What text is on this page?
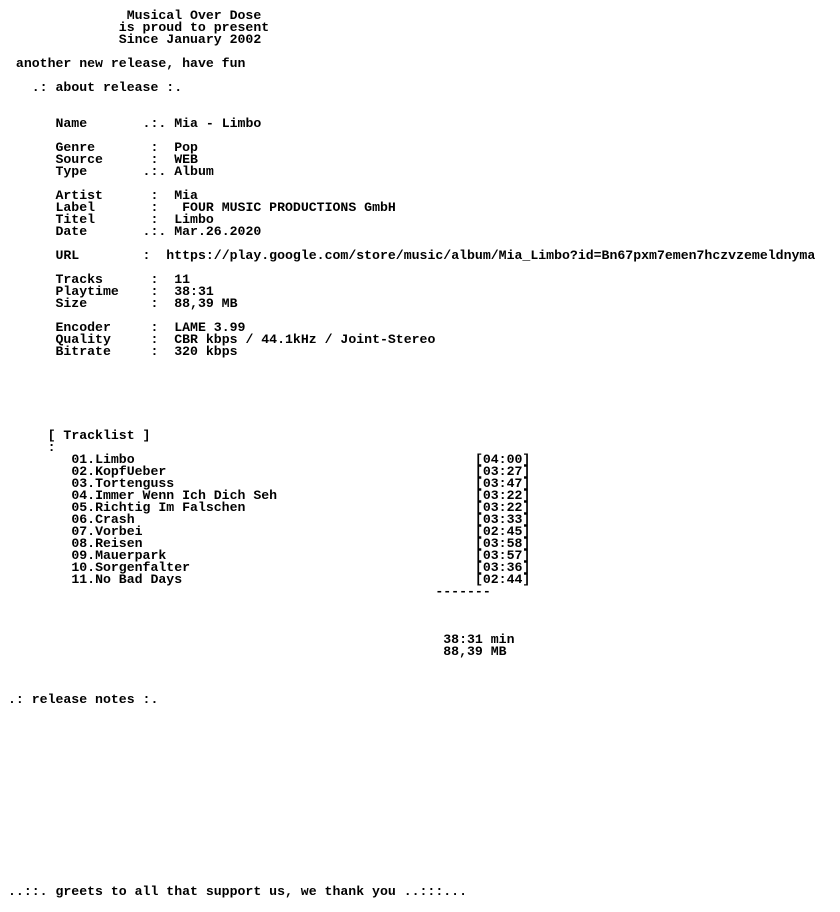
Musical Over Dose
is proud to present
Since January 2002

another new release, have fun

.: about release :.

Name	.:. Mia - Limbo

Genre	: Pop
Source	: WEB
Type	.:. Album

Artist	: Mia
Label	:   FOUR MUSIC PRODUCTIONS GmbH
Titel	: Limbo
Date	.:. Mar.26.2020

URL	: https://play.google.com/store/music/album/Mia_Limbo?id=Bn67pxm7emen7hczvzemeldnyma

Tracks	: 11
Playtime : 38:31
Size	: 88,39 MB

Encoder	: LAME 3.99
Quality	: CBR kbps / 44.1kHz / Joint-Stereo
Bitrate	: 320 kbps

[ Tracklist ]
:
01.Limbo	[04:00]
02.KopfUeber	[03:27]
03.Tortenguss	[03:47]
04.Immer Wenn Ich Dich Seh	[03:22]
05.Richtig Im Falschen	[03:22]
06.Crash	[03:33]
07.Vorbei	[02:45]
08.Reisen	[03:58]
09.Mauerpark	[03:57]
10.Sorgenfalter	[03:36]
11.No Bad Days	[02:44]
-------

38:31 min
88,39 MB

.: release notes :.

..::. greets to all that support us, we thank you ..:::...
